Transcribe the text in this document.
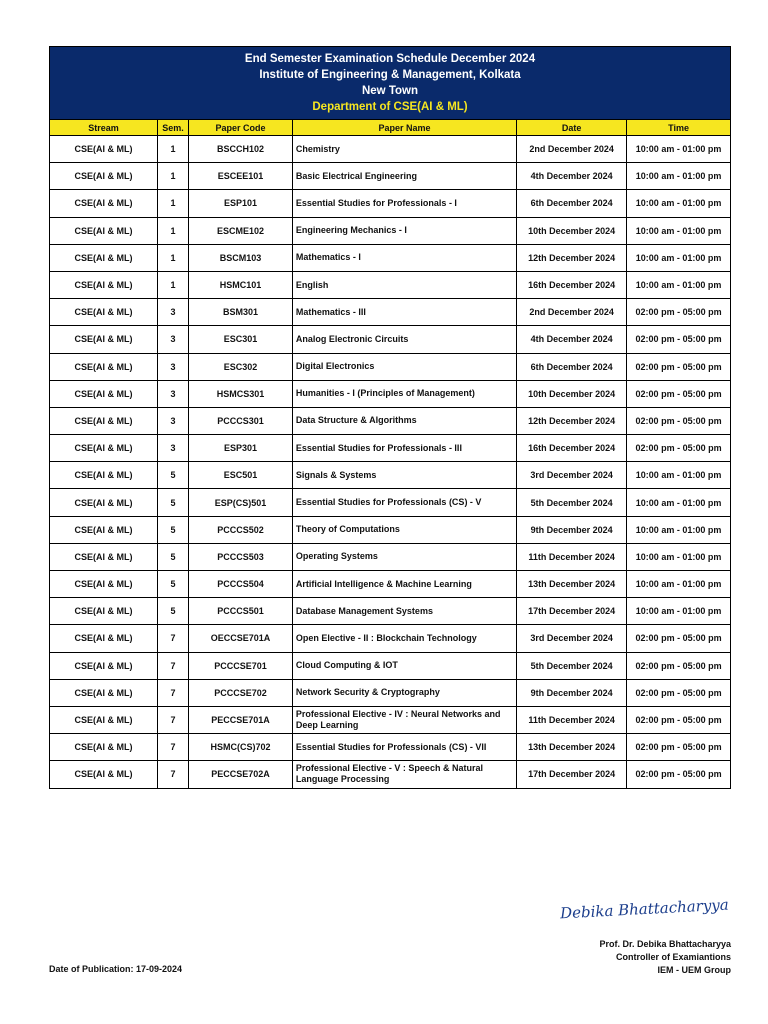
End Semester Examination Schedule December 2024
Institute of Engineering & Management, Kolkata
New Town
Department of CSE(AI & ML)
Stream	Sem.	Paper Code	Paper Name	Date	Time
CSE(AI & ML)	1	BSCCH102	Chemistry	2nd December 2024	10:00 am - 01:00 pm
CSE(AI & ML)	1	ESCEE101	Basic Electrical Engineering	4th December 2024	10:00 am - 01:00 pm
CSE(AI & ML)	1	ESP101	Essential Studies for Professionals - I	6th December 2024	10:00 am - 01:00 pm
CSE(AI & ML)	1	ESCME102	Engineering Mechanics - I	10th December 2024	10:00 am - 01:00 pm
CSE(AI & ML)	1	BSCM103	Mathematics - I	12th December 2024	10:00 am - 01:00 pm
CSE(AI & ML)	1	HSMC101	English	16th December 2024	10:00 am - 01:00 pm
CSE(AI & ML)	3	BSM301	Mathematics - III	2nd December 2024	02:00 pm - 05:00 pm
CSE(AI & ML)	3	ESC301	Analog Electronic Circuits	4th December 2024	02:00 pm - 05:00 pm
CSE(AI & ML)	3	ESC302	Digital Electronics	6th December 2024	02:00 pm - 05:00 pm
CSE(AI & ML)	3	HSMCS301	Humanities - I (Principles of Management)	10th December 2024	02:00 pm - 05:00 pm
CSE(AI & ML)	3	PCCCS301	Data Structure & Algorithms	12th December 2024	02:00 pm - 05:00 pm
CSE(AI & ML)	3	ESP301	Essential Studies for Professionals - III	16th December 2024	02:00 pm - 05:00 pm
CSE(AI & ML)	5	ESC501	Signals & Systems	3rd December 2024	10:00 am - 01:00 pm
CSE(AI & ML)	5	ESP(CS)501	Essential Studies for Professionals (CS) - V	5th December 2024	10:00 am - 01:00 pm
CSE(AI & ML)	5	PCCCS502	Theory of Computations	9th December 2024	10:00 am - 01:00 pm
CSE(AI & ML)	5	PCCCS503	Operating Systems	11th December 2024	10:00 am - 01:00 pm
CSE(AI & ML)	5	PCCCS504	Artificial Intelligence & Machine Learning	13th December 2024	10:00 am - 01:00 pm
CSE(AI & ML)	5	PCCCS501	Database Management Systems	17th December 2024	10:00 am - 01:00 pm
CSE(AI & ML)	7	OECCSE701A	Open Elective - II : Blockchain Technology	3rd December 2024	02:00 pm - 05:00 pm
CSE(AI & ML)	7	PCCCSE701	Cloud Computing & IOT	5th December 2024	02:00 pm - 05:00 pm
CSE(AI & ML)	7	PCCCSE702	Network Security & Cryptography	9th December 2024	02:00 pm - 05:00 pm
CSE(AI & ML)	7	PECCSE701A	Professional Elective - IV : Neural Networks and Deep Learning	11th December 2024	02:00 pm - 05:00 pm
CSE(AI & ML)	7	HSMC(CS)702	Essential Studies for Professionals (CS) - VII	13th December 2024	02:00 pm - 05:00 pm
CSE(AI & ML)	7	PECCSE702A	Professional Elective - V : Speech & Natural Language Processing	17th December 2024	02:00 pm - 05:00 pm
Debika Bhattacharyya
Prof. Dr. Debika Bhattacharyya
Controller of Examiantions
IEM - UEM Group
Date of Publication: 17-09-2024
